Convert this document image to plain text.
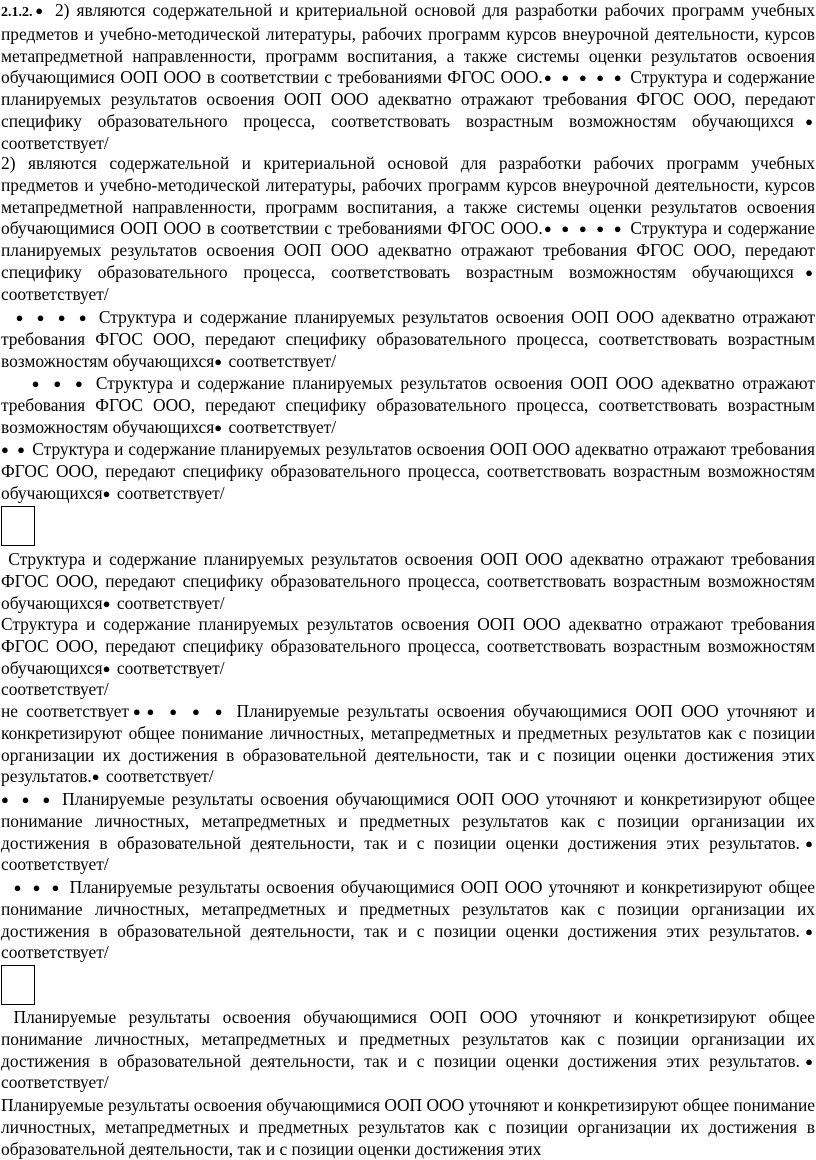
2.1.2.● 2) являются содержательной и критериальной основой для разработки рабочих программ учебных предметов и учебно-методической литературы, рабочих программ курсов внеурочной деятельности, курсов метапредметной направленности, программ воспитания, а также системы оценки результатов освоения обучающимися ООП ООО в соответствии с требованиями ФГОС ООО.● ● ● ● ● Структура и содержание планируемых результатов освоения ООП ООО адекватно отражают требования ФГОС ООО, передают специфику образовательного процесса, соответствовать возрастным возможностям обучающихся● соответствует/
2) являются содержательной и критериальной основой для разработки рабочих программ учебных предметов и учебно-методической литературы, рабочих программ курсов внеурочной деятельности, курсов метапредметной направленности, программ воспитания, а также системы оценки результатов освоения обучающимися ООП ООО в соответствии с требованиями ФГОС ООО.● ● ● ● ● Структура и содержание планируемых результатов освоения ООП ООО адекватно отражают требования ФГОС ООО, передают специфику образовательного процесса, соответствовать возрастным возможностям обучающихся● соответствует/
● ● ● ● Структура и содержание планируемых результатов освоения ООП ООО адекватно отражают требования ФГОС ООО, передают специфику образовательного процесса, соответствовать возрастным возможностям обучающихся● соответствует/
● ● ● Структура и содержание планируемых результатов освоения ООП ООО адекватно отражают требования ФГОС ООО, передают специфику образовательного процесса, соответствовать возрастным возможностям обучающихся● соответствует/
● ● Структура и содержание планируемых результатов освоения ООП ООО адекватно отражают требования ФГОС ООО, передают специфику образовательного процесса, соответствовать возрастным возможностям обучающихся● соответствует/
Структура и содержание планируемых результатов освоения ООП ООО адекватно отражают требования ФГОС ООО, передают специфику образовательного процесса, соответствовать возрастным возможностям обучающихся● соответствует/
Структура и содержание планируемых результатов освоения ООП ООО адекватно отражают требования ФГОС ООО, передают специфику образовательного процесса, соответствовать возрастным возможностям обучающихся● соответствует/
соответствует/
не соответствует●● ● ● ● Планируемые результаты освоения обучающимися ООП ООО уточняют и конкретизируют общее понимание личностных, метапредметных и предметных результатов как с позиции организации их достижения в образовательной деятельности, так и с позиции оценки достижения этих результатов.● соответствует/
● ● ● Планируемые результаты освоения обучающимися ООП ООО уточняют и конкретизируют общее понимание личностных, метапредметных и предметных результатов как с позиции организации их достижения в образовательной деятельности, так и с позиции оценки достижения этих результатов.● соответствует/
● ● ● Планируемые результаты освоения обучающимися ООП ООО уточняют и конкретизируют общее понимание личностных, метапредметных и предметных результатов как с позиции организации их достижения в образовательной деятельности, так и с позиции оценки достижения этих результатов.● соответствует/
Планируемые результаты освоения обучающимися ООП ООО уточняют и конкретизируют общее понимание личностных, метапредметных и предметных результатов как с позиции организации их достижения в образовательной деятельности, так и с позиции оценки достижения этих результатов.● соответствует/
Планируемые результаты освоения обучающимися ООП ООО уточняют и конкретизируют общее понимание личностных, метапредметных и предметных результатов как с позиции организации их достижения в образовательной деятельности, так и с позиции оценки достижения этих
